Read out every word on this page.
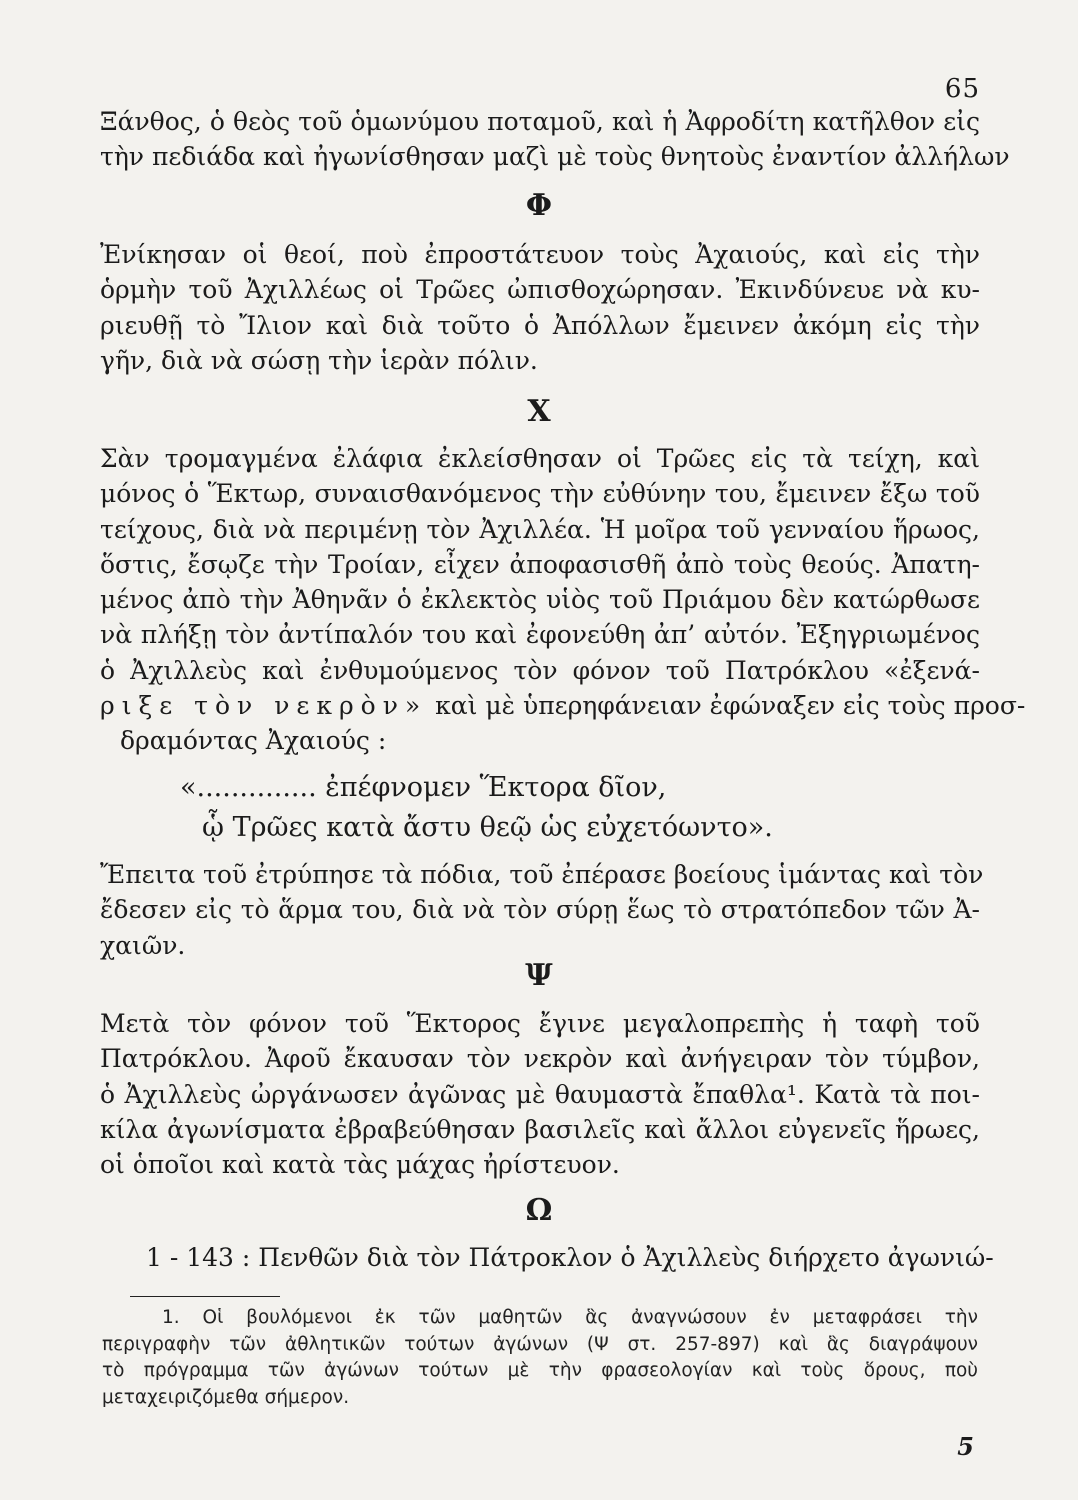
65
Ξάνθος, ὁ θεὸς τοῦ ὁμωνύμου ποταμοῦ, καὶ ἡ Ἀφροδίτη κατῆλθον εἰς
τὴν πεδιάδα καὶ ἠγωνίσθησαν μαζὶ μὲ τοὺς θνητοὺς ἐναντίον ἀλλήλων
Φ
Ἐνίκησαν οἱ θεοί, ποὺ ἐπροστάτευον τοὺς Ἀχαιούς, καὶ εἰς τὴν
ὁρμὴν τοῦ Ἀχιλλέως οἱ Τρῶες ὠπισθοχώρησαν. Ἐκινδύνευε νὰ κυ-
ριευθῇ τὸ Ἴλιον καὶ διὰ τοῦτο ὁ Ἀπόλλων ἔμεινεν ἀκόμη εἰς τὴν
γῆν, διὰ νὰ σώσῃ τὴν ἱερὰν πόλιν.
Χ
Σὰν τρομαγμένα ἐλάφια ἐκλείσθησαν οἱ Τρῶες εἰς τὰ τείχη, καὶ
μόνος ὁ Ἕκτωρ, συναισθανόμενος τὴν εὐθύνην του, ἔμεινεν ἔξω τοῦ
τείχους, διὰ νὰ περιμένῃ τὸν Ἀχιλλέα. Ἡ μοῖρα τοῦ γενναίου ἥρωος,
ὅστις, ἔσῳζε τὴν Τροίαν, εἶχεν ἀποφασισθῆ ἀπὸ τοὺς θεούς. Ἀπατη-
μένος ἀπὸ τὴν Ἀθηνᾶν ὁ ἐκλεκτὸς υἱὸς τοῦ Πριάμου δὲν κατώρθωσε
νὰ πλήξῃ τὸν ἀντίπαλόν του καὶ ἐφονεύθη ἀπ’ αὐτόν. Ἐξηγριωμένος
ὁ Ἀχιλλεὺς καὶ ἐνθυμούμενος τὸν φόνον τοῦ Πατρόκλου «ἐξενά-
ριξε τὸν νεκρὸν» καὶ μὲ ὑπερηφάνειαν ἐφώναξεν εἰς τοὺς προσ-
δραμόντας Ἀχαιούς :
«.............. ἐπέφνομεν Ἕκτορα δῖον,
ᾧ Τρῶες κατὰ ἄστυ θεῷ ὡς εὐχετόωντο».
Ἔπειτα τοῦ ἐτρύπησε τὰ πόδια, τοῦ ἐπέρασε βοείους ἱμάντας καὶ τὸν
ἔδεσεν εἰς τὸ ἅρμα του, διὰ νὰ τὸν σύρῃ ἕως τὸ στρατόπεδον τῶν Ἀ-
χαιῶν.
Ψ
Μετὰ τὸν φόνον τοῦ Ἕκτορος ἔγινε μεγαλοπρεπὴς ἡ ταφὴ τοῦ
Πατρόκλου. Ἀφοῦ ἔκαυσαν τὸν νεκρὸν καὶ ἀνήγειραν τὸν τύμβον,
ὁ Ἀχιλλεὺς ὠργάνωσεν ἀγῶνας μὲ θαυμαστὰ ἔπαθλα¹. Κατὰ τὰ ποι-
κίλα ἀγωνίσματα ἐβραβεύθησαν βασιλεῖς καὶ ἄλλοι εὐγενεῖς ἥρωες,
οἱ ὁποῖοι καὶ κατὰ τὰς μάχας ἠρίστευον.
Ω
1 - 143 : Πενθῶν διὰ τὸν Πάτροκλον ὁ Ἀχιλλεὺς διήρχετο ἀγωνιώ-
1. Οἱ βουλόμενοι ἐκ τῶν μαθητῶν ἃς ἀναγνώσουν ἐν μεταφράσει τὴν
περιγραφὴν τῶν ἀθλητικῶν τούτων ἀγώνων (Ψ στ. 257-897) καὶ ἃς διαγράψουν
τὸ πρόγραμμα τῶν ἀγώνων τούτων μὲ τὴν φρασεολογίαν καὶ τοὺς ὅρους, ποὺ
μεταχειριζόμεθα σήμερον.
5
